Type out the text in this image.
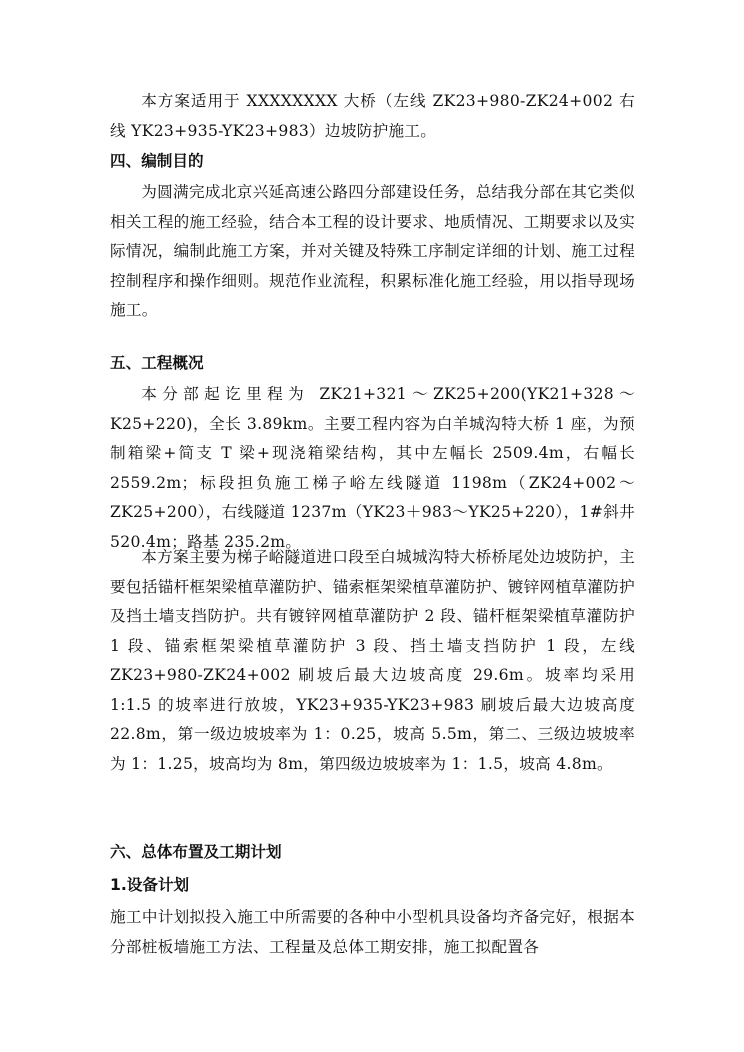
本方案适用于 XXXXXXXX 大桥（左线 ZK23+980-ZK24+002 右线 YK23+935-YK23+983）边坡防护施工。

四、编制目的

为圆满完成北京兴延高速公路四分部建设任务，总结我分部在其它类似相关工程的施工经验，结合本工程的设计要求、地质情况、工期要求以及实际情况，编制此施工方案，并对关键及特殊工序制定详细的计划、施工过程控制程序和操作细则。规范作业流程，积累标准化施工经验，用以指导现场施工。

五、工程概况

本分部起讫里程为 ZK21+321～ZK25+200(YK21+328～K25+220)，全长 3.89km。主要工程内容为白羊城沟特大桥 1 座，为预制箱梁+简支 T 梁+现浇箱梁结构，其中左幅长 2509.4m，右幅长 2559.2m；标段担负施工梯子峪左线隧道 1198m（ZK24+002～ZK25+200），右线隧道 1237m（YK23＋983～YK25+220），1#斜井 520.4m；路基 235.2m。

本方案主要为梯子峪隧道进口段至白城城沟特大桥桥尾处边坡防护，主要包括锚杆框架梁植草灌防护、锚索框架梁植草灌防护、镀锌网植草灌防护及挡土墙支挡防护。共有镀锌网植草灌防护 2 段、锚杆框架梁植草灌防护 1 段、锚索框架梁植草灌防护 3 段、挡土墙支挡防护 1 段，左线 ZK23+980-ZK24+002 刷坡后最大边坡高度 29.6m。坡率均采用 1:1.5 的坡率进行放坡，YK23+935-YK23+983 刷坡后最大边坡高度 22.8m，第一级边坡坡率为 1：0.25，坡高 5.5m，第二、三级边坡坡率为 1：1.25，坡高均为 8m，第四级边坡坡率为 1：1.5，坡高 4.8m。

六、总体布置及工期计划
1.设备计划

施工中计划拟投入施工中所需要的各种中小型机具设备均齐备完好，根据本分部桩板墙施工方法、工程量及总体工期安排，施工拟配置各
